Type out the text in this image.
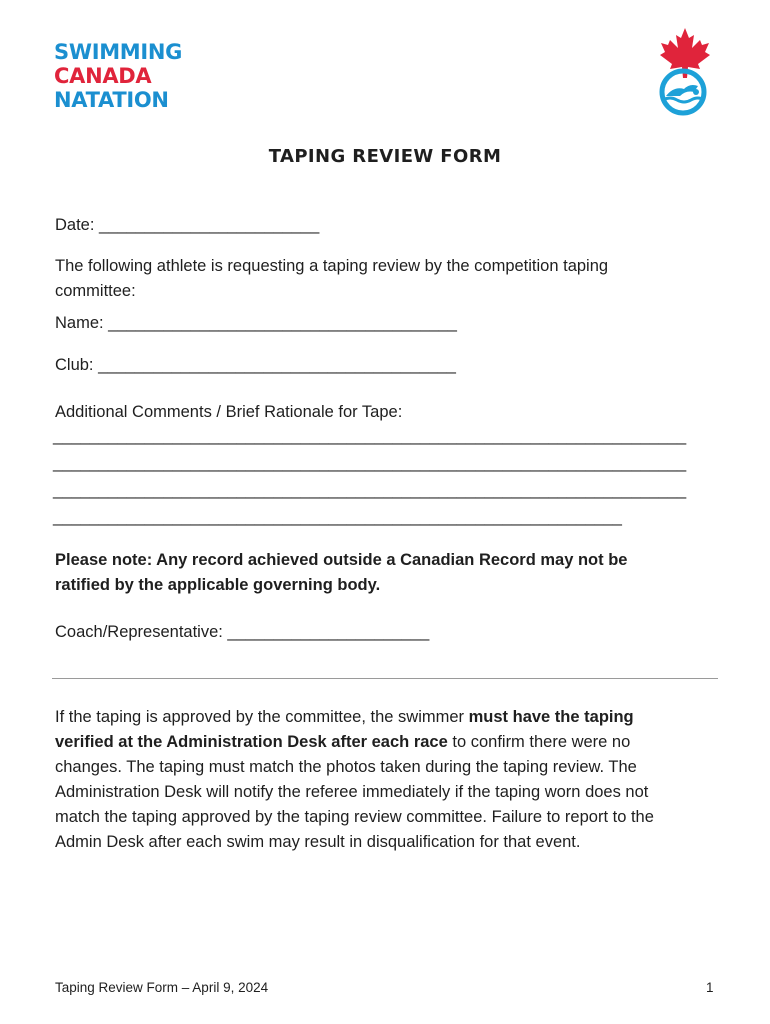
SWIMMING
CANADA
NATATION
TAPING REVIEW FORM
Date: ________________________
The following athlete is requesting a taping review by the competition taping
committee:
Name: ______________________________________
Club: _______________________________________
Additional Comments / Brief Rationale for Tape:
_____________________________________________________________________
_____________________________________________________________________
_____________________________________________________________________
______________________________________________________________
Please note: Any record achieved outside a Canadian Record may not be
ratified by the applicable governing body.
Coach/Representative: ______________________
If the taping is approved by the committee, the swimmer must have the taping verified at the Administration Desk after each race to confirm there were no changes. The taping must match the photos taken during the taping review. The Administration Desk will notify the referee immediately if the taping worn does not match the taping approved by the taping review committee. Failure to report to the Admin Desk after each swim may result in disqualification for that event.
Taping Review Form – April 9, 2024	1
